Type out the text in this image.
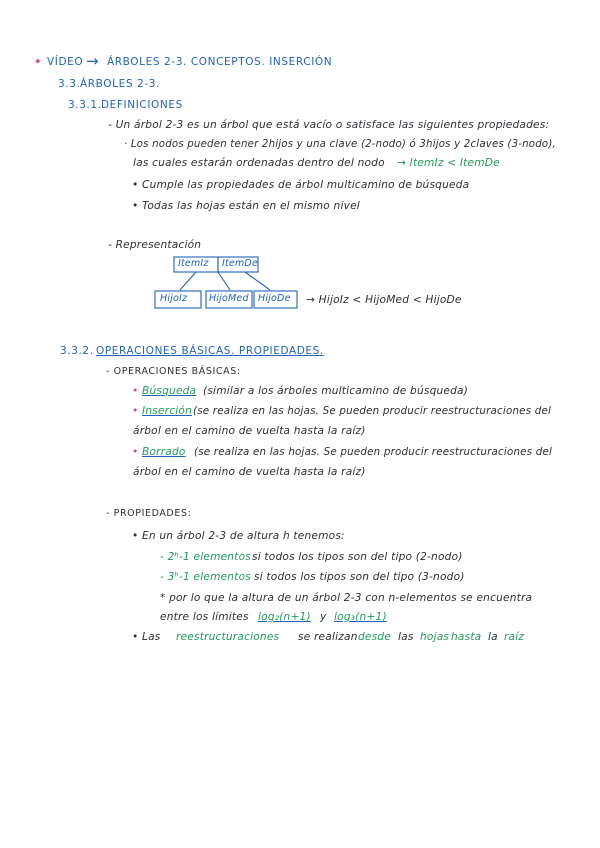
• VÍDEO → ÁRBOLES 2-3. CONCEPTOS. INSERCIÓN
3.3. ÁRBOLES 2-3.
3.3.1. DEFINICIONES
- Un árbol 2-3 es un árbol que está vacío o satisface las siguientes propiedades:
· Los nodos pueden tener 2hijos y una clave (2-nodo) ó 3hijos y 2claves (3-nodo),
las cuales estarán ordenadas dentro del nodo → ItemIz < ItemDe
• Cumple las propiedades de árbol multicamino de búsqueda
• Todas las hojas están en el mismo nivel
- Representación
ItemIz ItemDe
HijoIz HijoMed HijoDe → HijoIz < HijoMed < HijoDe
3.3.2. OPERACIONES BÁSICAS. PROPIEDADES.
- OPERACIONES BÁSICAS:
• Búsqueda (similar a los árboles multicamino de búsqueda)
• Inserción (se realiza en las hojas. Se pueden producir reestructuraciones del
árbol en el camino de vuelta hasta la raíz)
• Borrado (se realiza en las hojas. Se pueden producir reestructuraciones del
árbol en el camino de vuelta hasta la raíz)
- PROPIEDADES:
• En un árbol 2-3 de altura h tenemos:
- 2ʰ-1 elementos si todos los tipos son del tipo (2-nodo)
- 3ʰ-1 elementos si todos los tipos son del tipo (3-nodo)
* por lo que la altura de un árbol 2-3 con n-elementos se encuentra
entre los límites log₂(n+1) y log₃(n+1)
• Las reestructuraciones se realizan desde las hojas hasta la raíz
